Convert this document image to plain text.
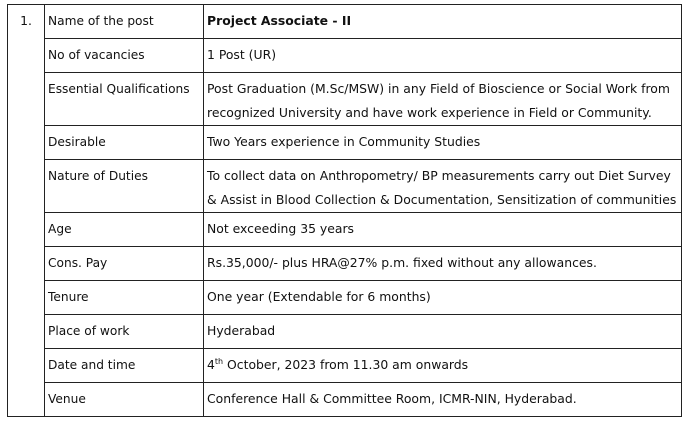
1.	Name of the post	Project Associate - II
	No of vacancies	1 Post (UR)
	Essential Qualifications	Post Graduation (M.Sc/MSW) in any Field of Bioscience or Social Work from recognized University and have work experience in Field or Community.
	Desirable	Two Years experience in Community Studies
	Nature of Duties	To collect data on Anthropometry/ BP measurements carry out Diet Survey & Assist in Blood Collection & Documentation, Sensitization of communities
	Age	Not exceeding 35 years
	Cons. Pay	Rs.35,000/- plus HRA@27% p.m. fixed without any allowances.
	Tenure	One year (Extendable for 6 months)
	Place of work	Hyderabad
	Date and time	4th October, 2023 from 11.30 am onwards
	Venue	Conference Hall & Committee Room, ICMR-NIN, Hyderabad.
